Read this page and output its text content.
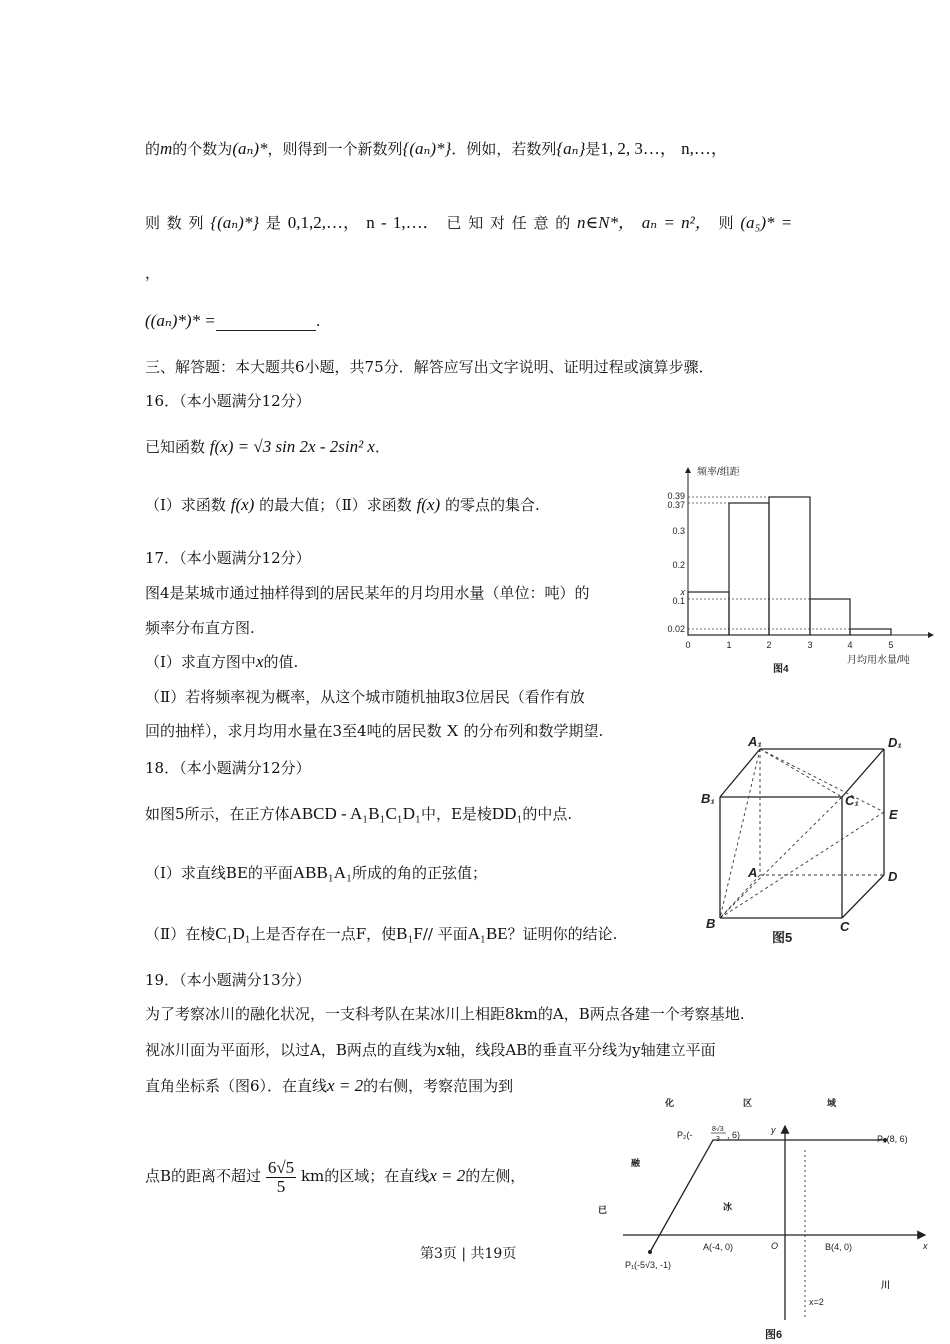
的m的个数为(aₙ)*，则得到一个新数列{(aₙ)*}．例如，若数列{aₙ}是1, 2, 3…， n,…，
则 数 列 {(aₙ)*} 是 0,1,2,…， n - 1,…． 已 知 对 任 意 的 n∈N*， aₙ = n²， 则 (a₅)* =
，
((aₙ)*)* =	.
三、解答题：本大题共6小题，共75分．解答应写出文字说明、证明过程或演算步骤．
16．（本小题满分12分）
已知函数 f(x) = √3 sin 2x - 2sin² x．
（Ⅰ）求函数 f(x) 的最大值；（Ⅱ）求函数 f(x) 的零点的集合.
17．（本小题满分12分）
图4是某城市通过抽样得到的居民某年的月均用水量（单位：吨）的
频率分布直方图.
（Ⅰ）求直方图中x的值.
（Ⅱ）若将频率视为概率，从这个城市随机抽取3位居民（看作有放
回的抽样），求月均用水量在3至4吨的居民数 X 的分布列和数学期望.
18．（本小题满分12分）
如图5所示，在正方体ABCD - A₁B₁C₁D₁中，E是棱DD₁的中点.
（Ⅰ）求直线BE的平面ABB₁A₁所成的角的正弦值；
（Ⅱ）在棱C₁D₁上是否存在一点F，使B₁F// 平面A₁BE？证明你的结论.
19．（本小题满分13分）
为了考察冰川的融化状况，一支科考队在某冰川上相距8km的A，B两点各建一个考察基地.
视冰川面为平面形，以过A，B两点的直线为x轴，线段AB的垂直平分线为y轴建立平面
直角坐标系（图6）．在直线x = 2的右侧，考察范围为到
点B的距离不超过 $\frac{6√5}{5}$ km的区域；在直线x = 2的左侧，
第3页 | 共19页
0.39
0.37
0.3
0.2
x
0.1
0.02
0	1	2	3	4	5
频率/组距
月均用水量/吨
图4
A₁	D₁
B₁	C₁
E
A	D
B	C
图5
化	区	域
融
已	冰
川
P₂(-
8√3
3 , 6)	P₃(8, 6)
P₁(-5√3, -1)
A(-4, 0)	B(4, 0)
O	x
y
x=2
图6
